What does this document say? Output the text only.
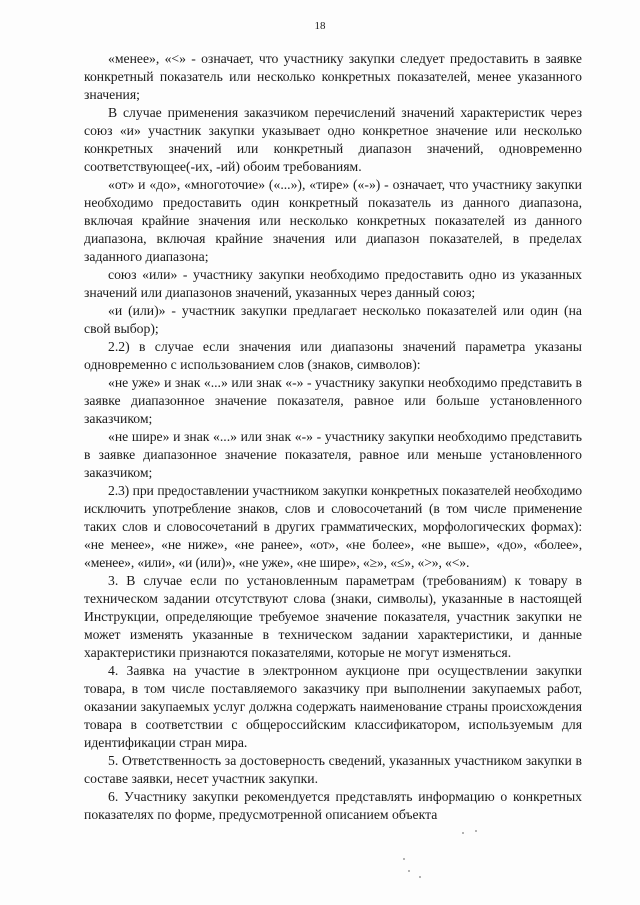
18

«менее», «<» - означает, что участнику закупки следует предоставить в заявке конкретный показатель или несколько конкретных показателей, менее указанного значения;

В случае применения заказчиком перечислений значений характеристик через союз «и» участник закупки указывает одно конкретное значение или несколько конкретных значений или конкретный диапазон значений, одновременно соответствующее(-их, -ий) обоим требованиям.

«от» и «до», «многоточие» («...»), «тире» («-») - означает, что участнику закупки необходимо предоставить один конкретный показатель из данного диапазона, включая крайние значения или несколько конкретных показателей из данного диапазона, включая крайние значения или диапазон показателей, в пределах заданного диапазона;

союз «или» - участнику закупки необходимо предоставить одно из указанных значений или диапазонов значений, указанных через данный союз;

«и (или)» - участник закупки предлагает несколько показателей или один (на свой выбор);

2.2) в случае если значения или диапазоны значений параметра указаны одновременно с использованием слов (знаков, символов):

«не уже» и знак «...» или знак «-» - участнику закупки необходимо представить в заявке диапазонное значение показателя, равное или больше установленного заказчиком;

«не шире» и знак «...» или знак «-» - участнику закупки необходимо представить в заявке диапазонное значение показателя, равное или меньше установленного заказчиком;

2.3) при предоставлении участником закупки конкретных показателей необходимо исключить употребление знаков, слов и словосочетаний (в том числе применение таких слов и словосочетаний в других грамматических, морфологических формах): «не менее», «не ниже», «не ранее», «от», «не более», «не выше», «до», «более», «менее», «или», «и (или)», «не уже», «не шире», «≥», «≤», «>», «<».

3. В случае если по установленным параметрам (требованиям) к товару в техническом задании отсутствуют слова (знаки, символы), указанные в настоящей Инструкции, определяющие требуемое значение показателя, участник закупки не может изменять указанные в техническом задании характеристики, и данные характеристики признаются показателями, которые не могут изменяться.

4. Заявка на участие в электронном аукционе при осуществлении закупки товара, в том числе поставляемого заказчику при выполнении закупаемых работ, оказании закупаемых услуг должна содержать наименование страны происхождения товара в соответствии с общероссийским классификатором, используемым для идентификации стран мира.

5. Ответственность за достоверность сведений, указанных участником закупки в составе заявки, несет участник закупки.

6. Участнику закупки рекомендуется представлять информацию о конкретных показателях по форме, предусмотренной описанием объекта
